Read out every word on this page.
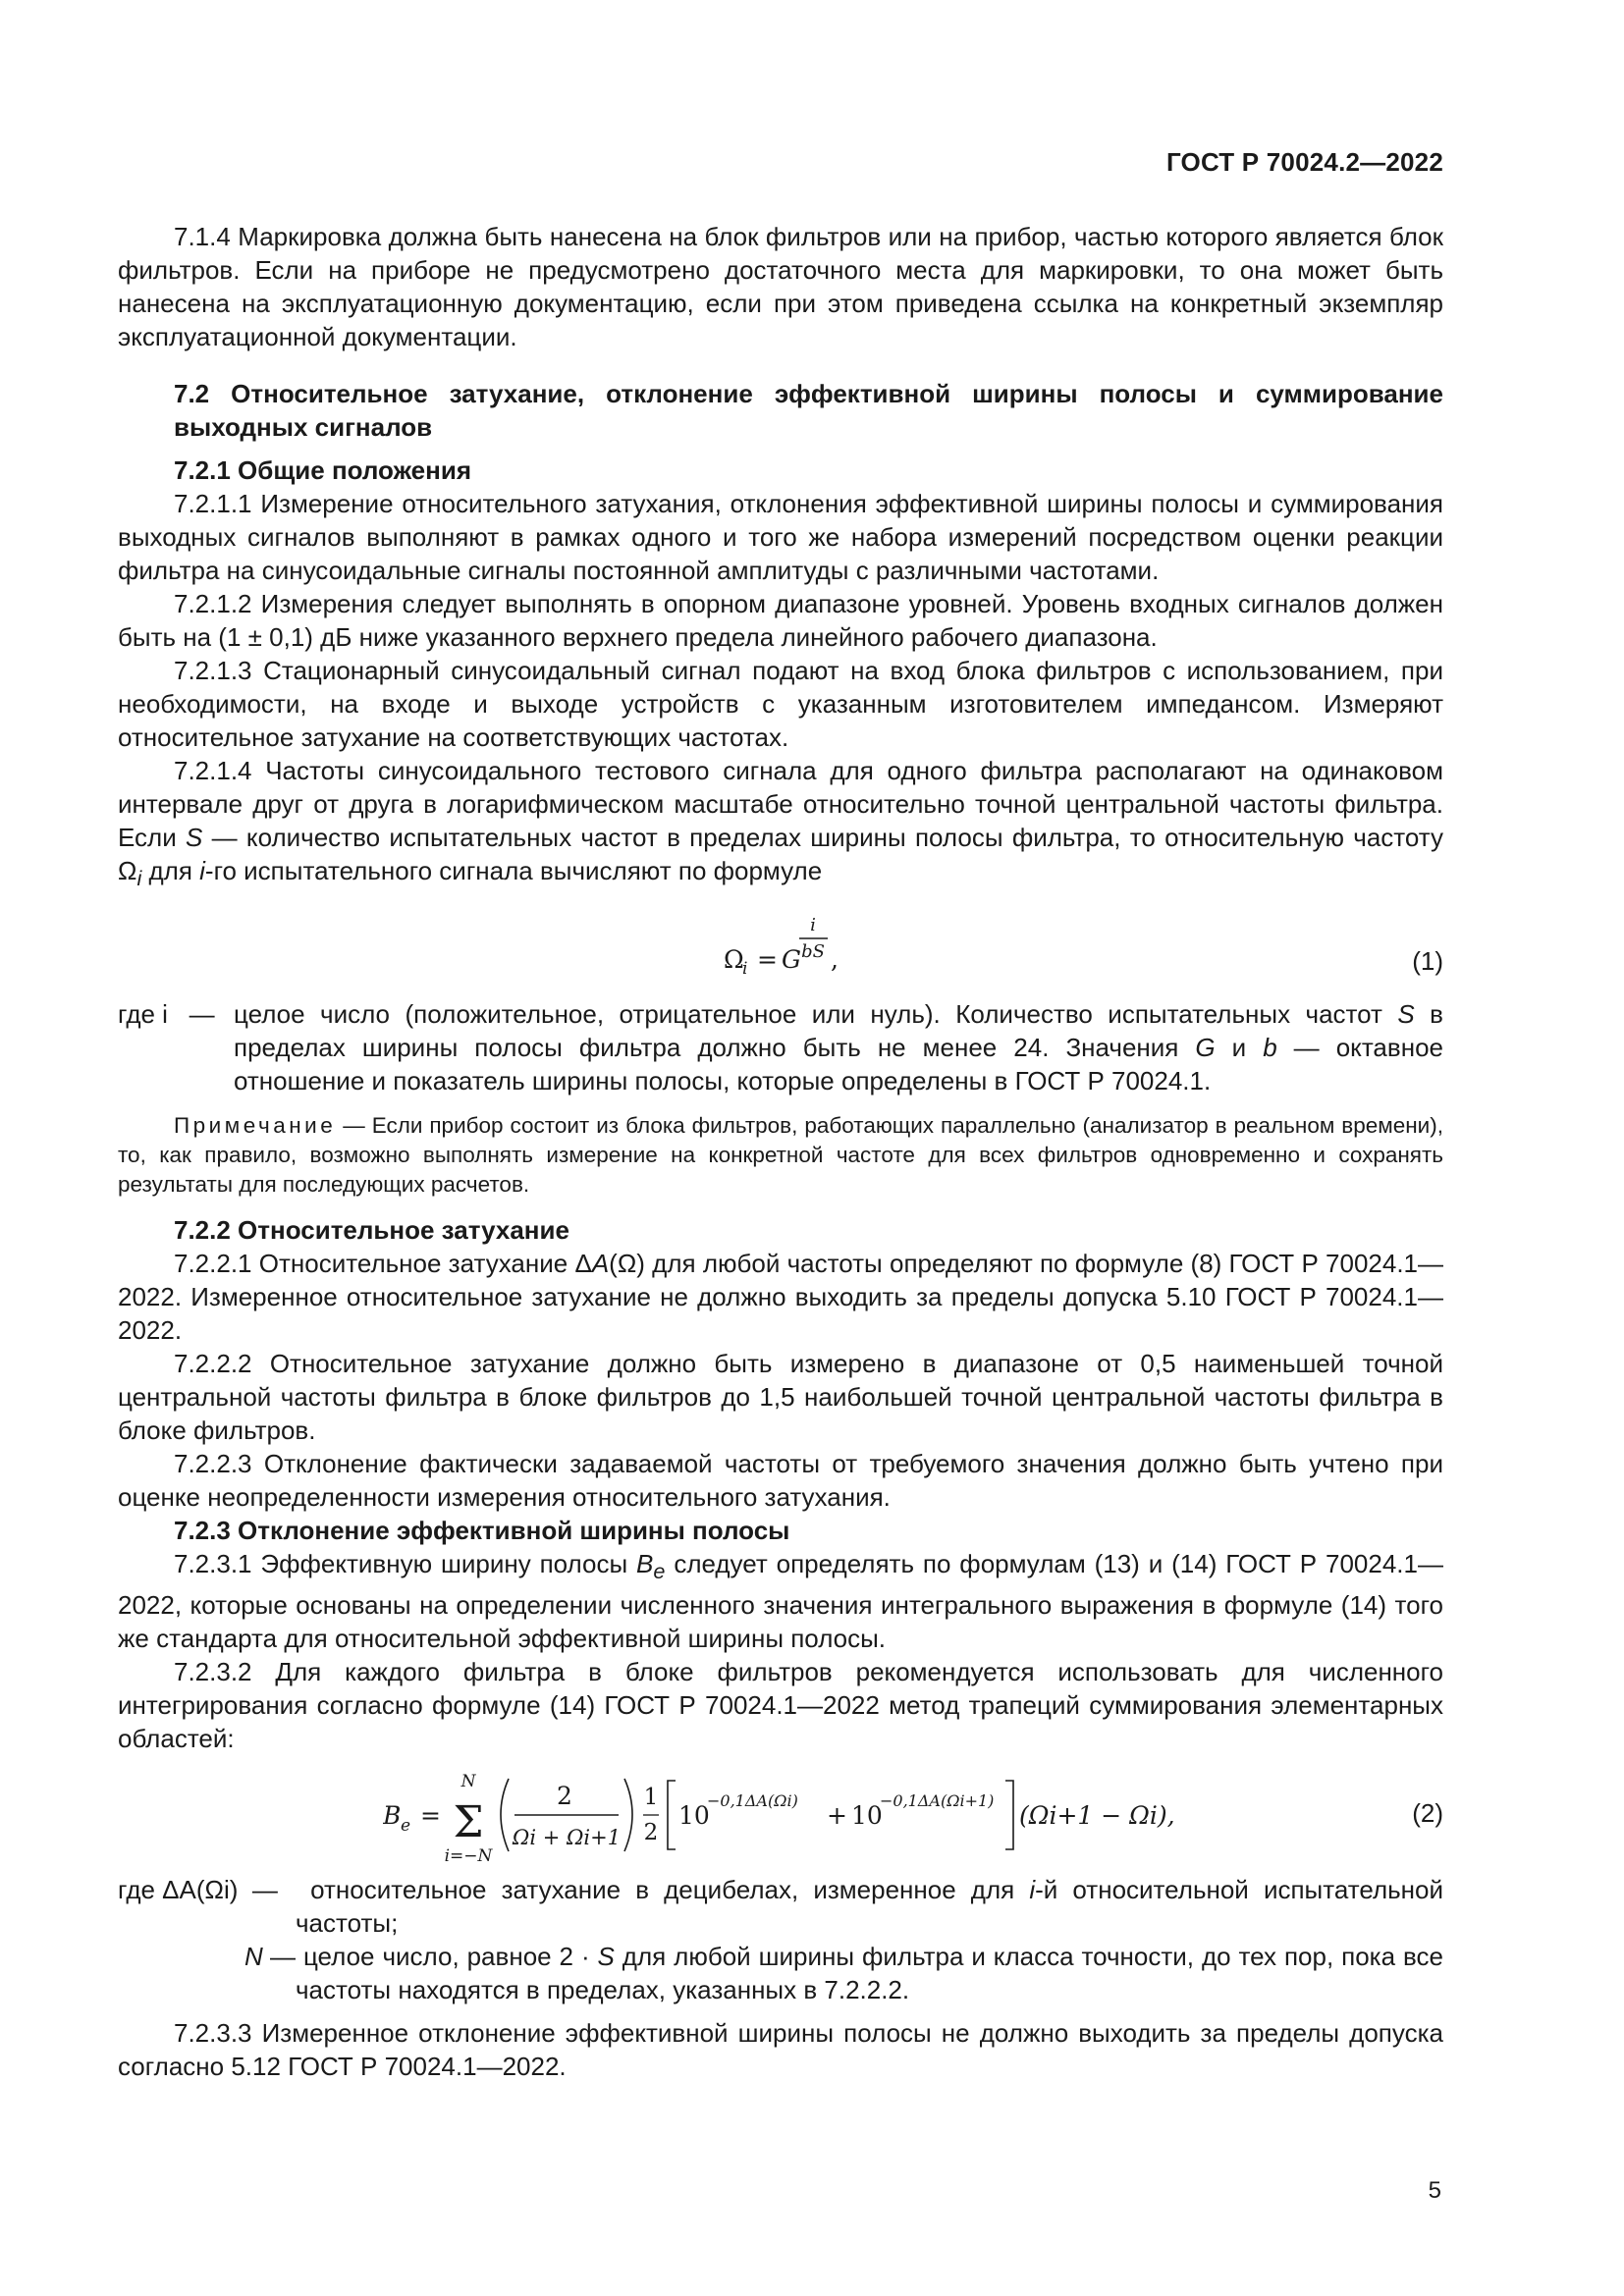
ГОСТ Р 70024.2—2022

7.1.4 Маркировка должна быть нанесена на блок фильтров или на прибор, частью которого является блок фильтров. Если на приборе не предусмотрено достаточного места для маркировки, то она может быть нанесена на эксплуатационную документацию, если при этом приведена ссылка на конкретный экземпляр эксплуатационной документации.

7.2 Относительное затухание, отклонение эффективной ширины полосы и суммирование выходных сигналов

7.2.1 Общие положения

7.2.1.1 Измерение относительного затухания, отклонения эффективной ширины полосы и суммирования выходных сигналов выполняют в рамках одного и того же набора измерений посредством оценки реакции фильтра на синусоидальные сигналы постоянной амплитуды с различными частотами.

7.2.1.2 Измерения следует выполнять в опорном диапазоне уровней. Уровень входных сигналов должен быть на (1 ± 0,1) дБ ниже указанного верхнего предела линейного рабочего диапазона.

7.2.1.3 Стационарный синусоидальный сигнал подают на вход блока фильтров с использованием, при необходимости, на входе и выходе устройств с указанным изготовителем импедансом. Измеряют относительное затухание на соответствующих частотах.

7.2.1.4 Частоты синусоидального тестового сигнала для одного фильтра располагают на одинаковом интервале друг от друга в логарифмическом масштабе относительно точной центральной частоты фильтра. Если S — количество испытательных частот в пределах ширины полосы фильтра, то относительную частоту $\Omega_i$ для i-го испытательного сигнала вычисляют по формуле

Ω
i = G
i
bS ,	(1)
где i — целое число (положительное, отрицательное или нуль). Количество испытательных частот S в пределах ширины полосы фильтра должно быть не менее 24. Значения G и b — октавное отношение и показатель ширины полосы, которые определены в ГОСТ Р 70024.1.

Примечание — Если прибор состоит из блока фильтров, работающих параллельно (анализатор в реальном времени), то, как правило, возможно выполнять измерение на конкретной частоте для всех фильтров одновременно и сохранять результаты для последующих расчетов.

7.2.2 Относительное затухание

7.2.2.1 Относительное затухание ΔA(Ω) для любой частоты определяют по формуле (8) ГОСТ Р 70024.1—2022. Измеренное относительное затухание не должно выходить за пределы допуска 5.10 ГОСТ Р 70024.1—2022.

7.2.2.2 Относительное затухание должно быть измерено в диапазоне от 0,5 наименьшей точной центральной частоты фильтра в блоке фильтров до 1,5 наибольшей точной центральной частоты фильтра в блоке фильтров.

7.2.2.3 Отклонение фактически задаваемой частоты от требуемого значения должно быть учтено при оценке неопределенности измерения относительного затухания.

7.2.3 Отклонение эффективной ширины полосы

7.2.3.1 Эффективную ширину полосы $B_e$ следует определять по формулам (13) и (14) ГОСТ Р 70024.1—2022, которые основаны на определении численного значения интегрального выражения в формуле (14) того же стандарта для относительной эффективной ширины полосы.

7.2.3.2 Для каждого фильтра в блоке фильтров рекомендуется использовать для численного интегрирования согласно формуле (14) ГОСТ Р 70024.1—2022 метод трапеций суммирования элементарных областей:

B e =
N
Σ
i=−N
2
Ωi + Ωi+1
1
2
10
−0,1ΔA(Ωi)
+ 10
−0,1ΔA(Ωi+1)
(Ωi+1 − Ωi),	(2)
где ΔA(Ωi) —	относительное затухание в децибелах, измеренное для i-й относительной испытательной частоты;
N — целое число, равное 2 · S для любой ширины фильтра и класса точности, до тех пор, пока все частоты находятся в пределах, указанных в 7.2.2.2.

7.2.3.3 Измеренное отклонение эффективной ширины полосы не должно выходить за пределы допуска согласно 5.12 ГОСТ Р 70024.1—2022.

5
